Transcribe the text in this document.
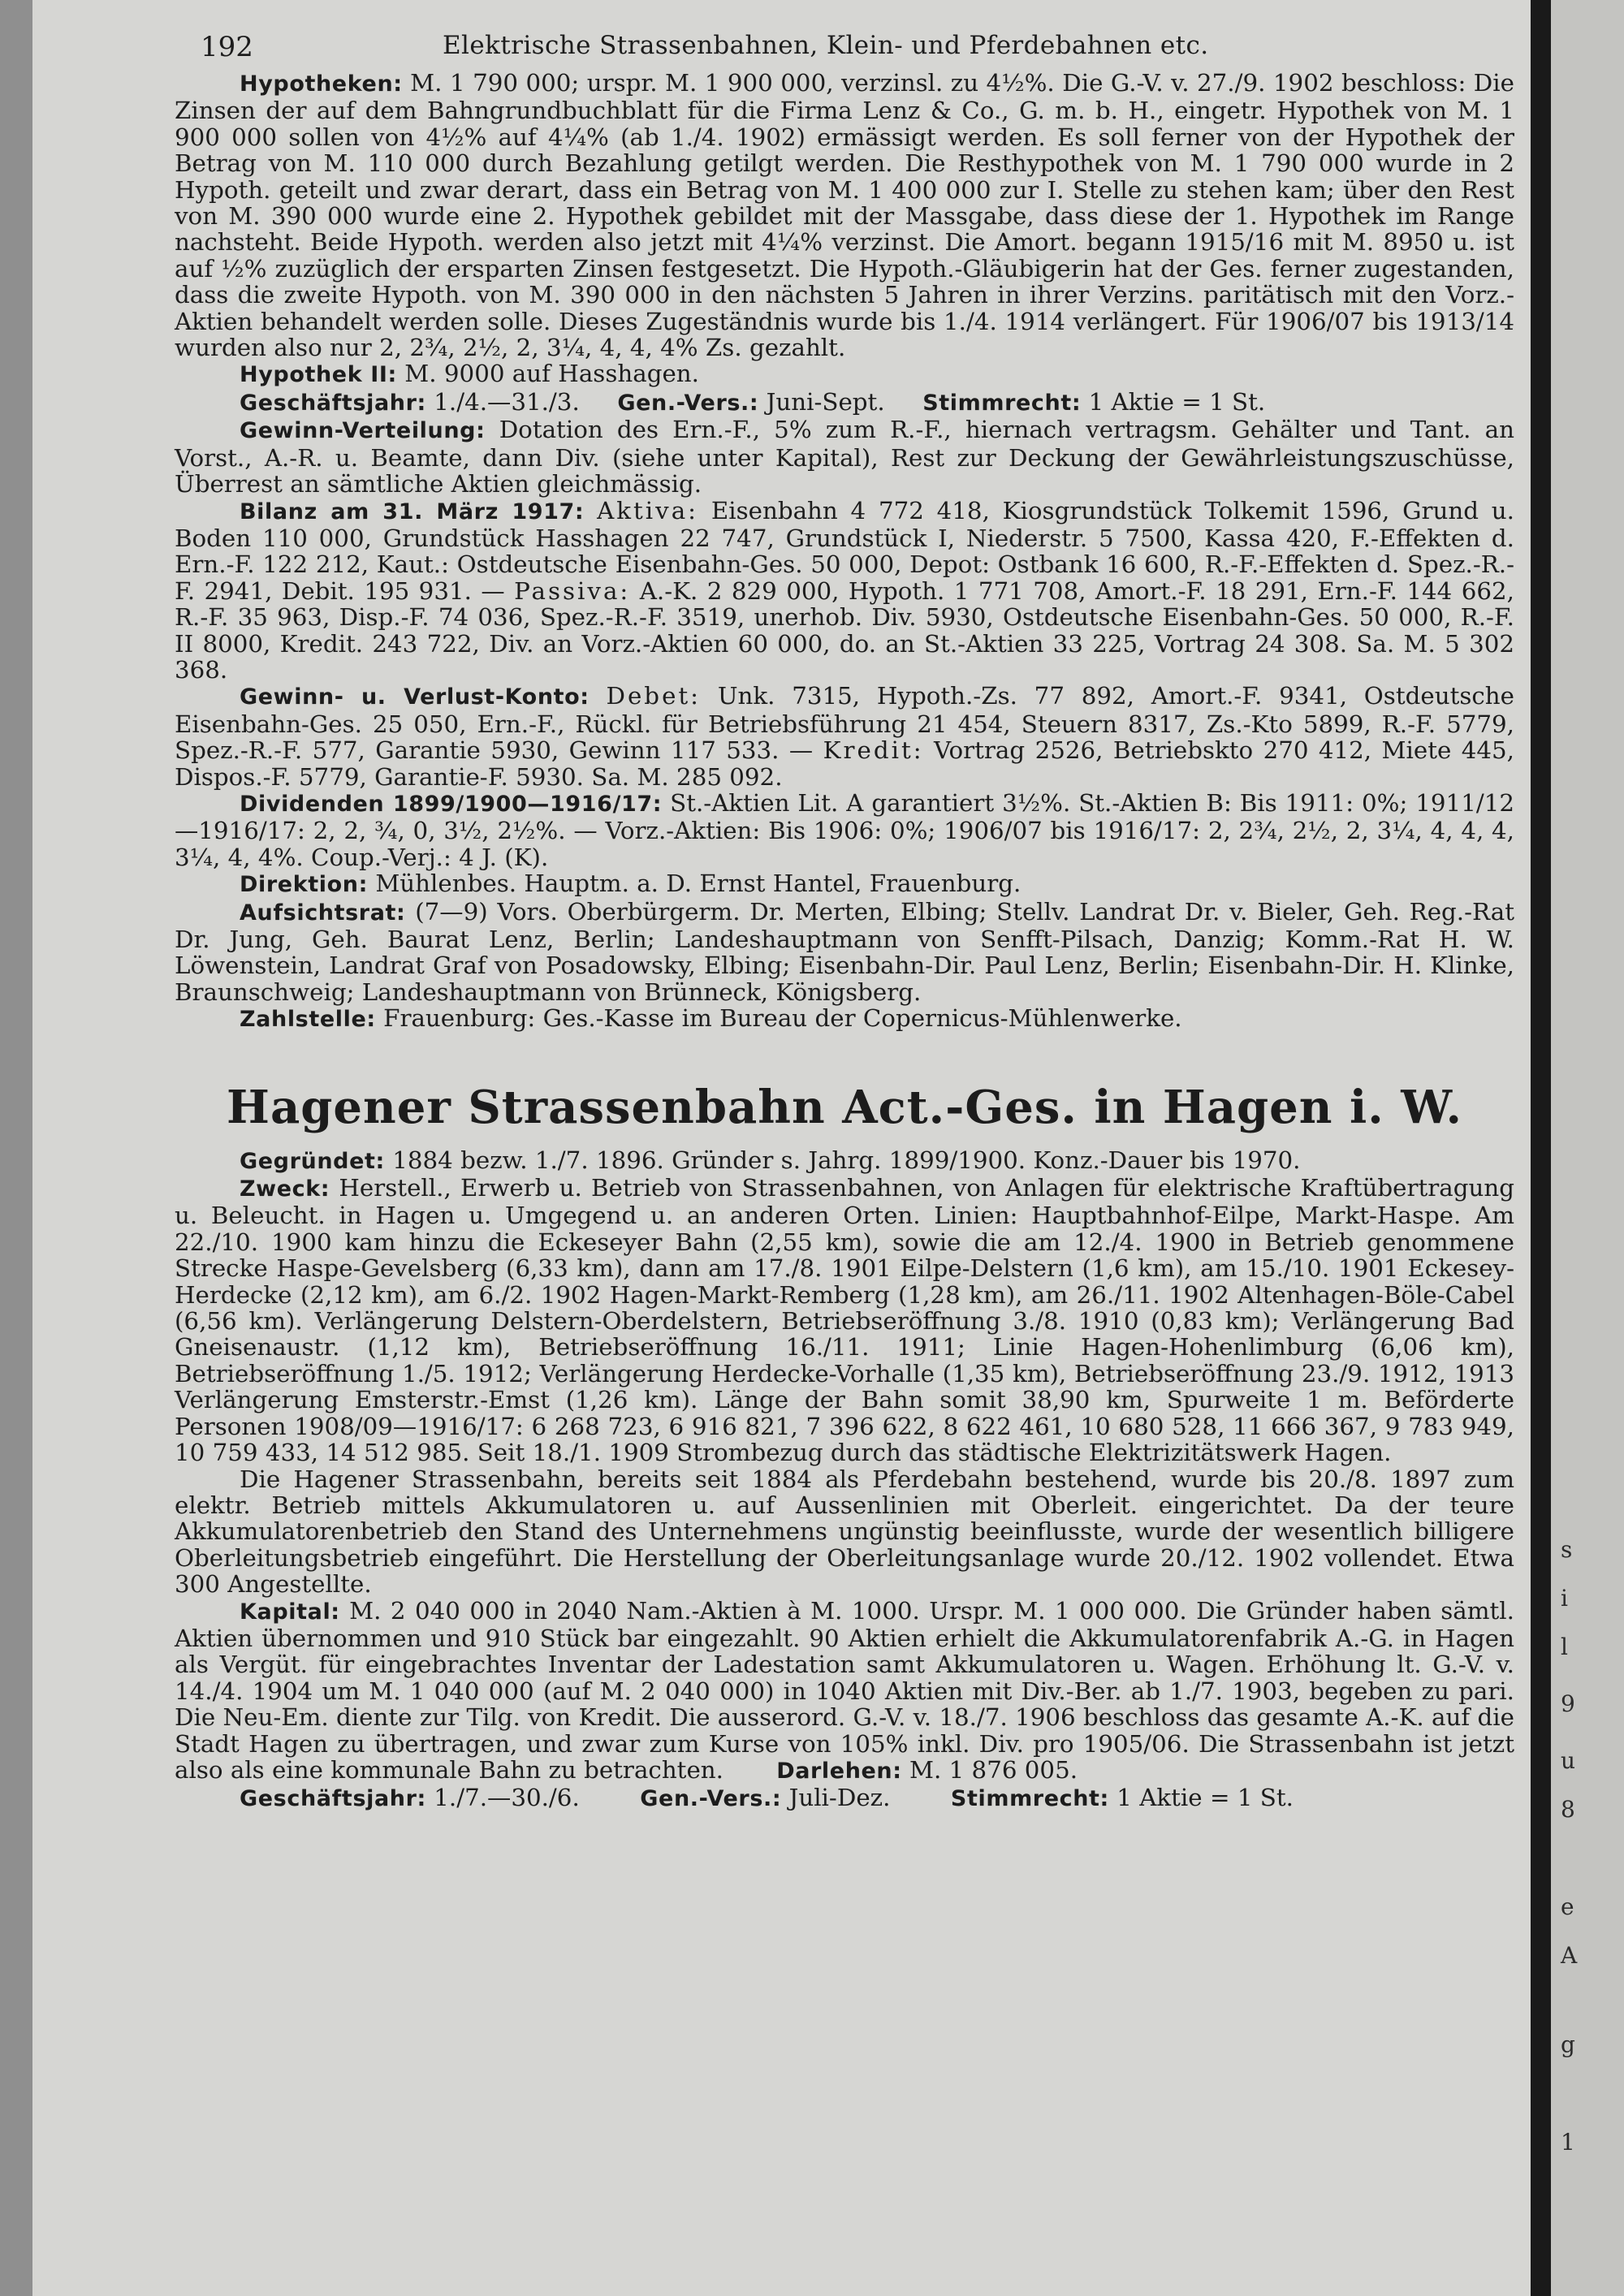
192	Elektrische Strassenbahnen, Klein- und Pferdebahnen etc.

Hypotheken: M. 1 790 000; urspr. M. 1 900 000, verzinsl. zu 4½%. Die G.-V. v. 27./9. 1902 beschloss: Die Zinsen der auf dem Bahngrundbuchblatt für die Firma Lenz & Co., G. m. b. H., eingetr. Hypothek von M. 1 900 000 sollen von 4½% auf 4¼% (ab 1./4. 1902) ermässigt werden. Es soll ferner von der Hypothek der Betrag von M. 110 000 durch Bezahlung getilgt werden. Die Resthypothek von M. 1 790 000 wurde in 2 Hypoth. geteilt und zwar derart, dass ein Betrag von M. 1 400 000 zur I. Stelle zu stehen kam; über den Rest von M. 390 000 wurde eine 2. Hypothek gebildet mit der Massgabe, dass diese der 1. Hypothek im Range nachsteht. Beide Hypoth. werden also jetzt mit 4¼% verzinst. Die Amort. begann 1915/16 mit M. 8950 u. ist auf ½% zuzüglich der ersparten Zinsen festgesetzt. Die Hypoth.-Gläubigerin hat der Ges. ferner zugestanden, dass die zweite Hypoth. von M. 390 000 in den nächsten 5 Jahren in ihrer Verzins. paritätisch mit den Vorz.-Aktien behandelt werden solle. Dieses Zugeständnis wurde bis 1./4. 1914 verlängert. Für 1906/07 bis 1913/14 wurden also nur 2, 2¾, 2½, 2, 3¼, 4, 4, 4% Zs. gezahlt.

Hypothek II: M. 9000 auf Hasshagen.

Geschäftsjahr: 1./4.—31./3. Gen.-Vers.: Juni-Sept. Stimmrecht: 1 Aktie = 1 St.

Gewinn-Verteilung: Dotation des Ern.-F., 5% zum R.-F., hiernach vertragsm. Gehälter und Tant. an Vorst., A.-R. u. Beamte, dann Div. (siehe unter Kapital), Rest zur Deckung der Gewährleistungszuschüsse, Überrest an sämtliche Aktien gleichmässig.

Bilanz am 31. März 1917: Aktiva: Eisenbahn 4 772 418, Kiosgrundstück Tolkemit 1596, Grund u. Boden 110 000, Grundstück Hasshagen 22 747, Grundstück I, Niederstr. 5 7500, Kassa 420, F.-Effekten d. Ern.-F. 122 212, Kaut.: Ostdeutsche Eisenbahn-Ges. 50 000, Depot: Ostbank 16 600, R.-F.-Effekten d. Spez.-R.-F. 2941, Debit. 195 931. — Passiva: A.-K. 2 829 000, Hypoth. 1 771 708, Amort.-F. 18 291, Ern.-F. 144 662, R.-F. 35 963, Disp.-F. 74 036, Spez.-R.-F. 3519, unerhob. Div. 5930, Ostdeutsche Eisenbahn-Ges. 50 000, R.-F. II 8000, Kredit. 243 722, Div. an Vorz.-Aktien 60 000, do. an St.-Aktien 33 225, Vortrag 24 308. Sa. M. 5 302 368.

Gewinn- u. Verlust-Konto: Debet: Unk. 7315, Hypoth.-Zs. 77 892, Amort.-F. 9341, Ostdeutsche Eisenbahn-Ges. 25 050, Ern.-F., Rückl. für Betriebsführung 21 454, Steuern 8317, Zs.-Kto 5899, R.-F. 5779, Spez.-R.-F. 577, Garantie 5930, Gewinn 117 533. — Kredit: Vortrag 2526, Betriebskto 270 412, Miete 445, Dispos.-F. 5779, Garantie-F. 5930. Sa. M. 285 092.

Dividenden 1899/1900—1916/17: St.-Aktien Lit. A garantiert 3½%. St.-Aktien B: Bis 1911: 0%; 1911/12—1916/17: 2, 2, ¾, 0, 3½, 2½%. — Vorz.-Aktien: Bis 1906: 0%; 1906/07 bis 1916/17: 2, 2¾, 2½, 2, 3¼, 4, 4, 4, 3¼, 4, 4%. Coup.-Verj.: 4 J. (K).

Direktion: Mühlenbes. Hauptm. a. D. Ernst Hantel, Frauenburg.

Aufsichtsrat: (7—9) Vors. Oberbürgerm. Dr. Merten, Elbing; Stellv. Landrat Dr. v. Bieler, Geh. Reg.-Rat Dr. Jung, Geh. Baurat Lenz, Berlin; Landeshauptmann von Senfft-Pilsach, Danzig; Komm.-Rat H. W. Löwenstein, Landrat Graf von Posadowsky, Elbing; Eisenbahn-Dir. Paul Lenz, Berlin; Eisenbahn-Dir. H. Klinke, Braunschweig; Landeshauptmann von Brünneck, Königsberg.

Zahlstelle: Frauenburg: Ges.-Kasse im Bureau der Copernicus-Mühlenwerke.

Hagener Strassenbahn Act.-Ges. in Hagen i. W.

Gegründet: 1884 bezw. 1./7. 1896. Gründer s. Jahrg. 1899/1900. Konz.-Dauer bis 1970.

Zweck: Herstell., Erwerb u. Betrieb von Strassenbahnen, von Anlagen für elektrische Kraftübertragung u. Beleucht. in Hagen u. Umgegend u. an anderen Orten. Linien: Hauptbahnhof-Eilpe, Markt-Haspe. Am 22./10. 1900 kam hinzu die Eckeseyer Bahn (2,55 km), sowie die am 12./4. 1900 in Betrieb genommene Strecke Haspe-Gevelsberg (6,33 km), dann am 17./8. 1901 Eilpe-Delstern (1,6 km), am 15./10. 1901 Eckesey-Herdecke (2,12 km), am 6./2. 1902 Hagen-Markt-Remberg (1,28 km), am 26./11. 1902 Altenhagen-Böle-Cabel (6,56 km). Verlängerung Delstern-Oberdelstern, Betriebseröffnung 3./8. 1910 (0,83 km); Verlängerung Bad Gneisenaustr. (1,12 km), Betriebseröffnung 16./11. 1911; Linie Hagen-Hohenlimburg (6,06 km), Betriebseröffnung 1./5. 1912; Verlängerung Herdecke-Vorhalle (1,35 km), Betriebseröffnung 23./9. 1912, 1913 Verlängerung Emsterstr.-Emst (1,26 km). Länge der Bahn somit 38,90 km, Spurweite 1 m. Beförderte Personen 1908/09—1916/17: 6 268 723, 6 916 821, 7 396 622, 8 622 461, 10 680 528, 11 666 367, 9 783 949, 10 759 433, 14 512 985. Seit 18./1. 1909 Strombezug durch das städtische Elektrizitätswerk Hagen.

Die Hagener Strassenbahn, bereits seit 1884 als Pferdebahn bestehend, wurde bis 20./8. 1897 zum elektr. Betrieb mittels Akkumulatoren u. auf Aussenlinien mit Oberleit. eingerichtet. Da der teure Akkumulatorenbetrieb den Stand des Unternehmens ungünstig beeinflusste, wurde der wesentlich billigere Oberleitungsbetrieb eingeführt. Die Herstellung der Oberleitungsanlage wurde 20./12. 1902 vollendet. Etwa 300 Angestellte.

Kapital: M. 2 040 000 in 2040 Nam.-Aktien à M. 1000. Urspr. M. 1 000 000. Die Gründer haben sämtl. Aktien übernommen und 910 Stück bar eingezahlt. 90 Aktien erhielt die Akkumulatorenfabrik A.-G. in Hagen als Vergüt. für eingebrachtes Inventar der Ladestation samt Akkumulatoren u. Wagen. Erhöhung lt. G.-V. v. 14./4. 1904 um M. 1 040 000 (auf M. 2 040 000) in 1040 Aktien mit Div.-Ber. ab 1./7. 1903, begeben zu pari. Die Neu-Em. diente zur Tilg. von Kredit. Die ausserord. G.-V. v. 18./7. 1906 beschloss das gesamte A.-K. auf die Stadt Hagen zu übertragen, und zwar zum Kurse von 105% inkl. Div. pro 1905/06. Die Strassenbahn ist jetzt also als eine kommunale Bahn zu betrachten. Darlehen: M. 1 876 005.

Geschäftsjahr: 1./7.—30./6.	Gen.-Vers.: Juli-Dez.	Stimmrecht: 1 Aktie = 1 St.

s
i
l
9
u
8
e
A
g
1
